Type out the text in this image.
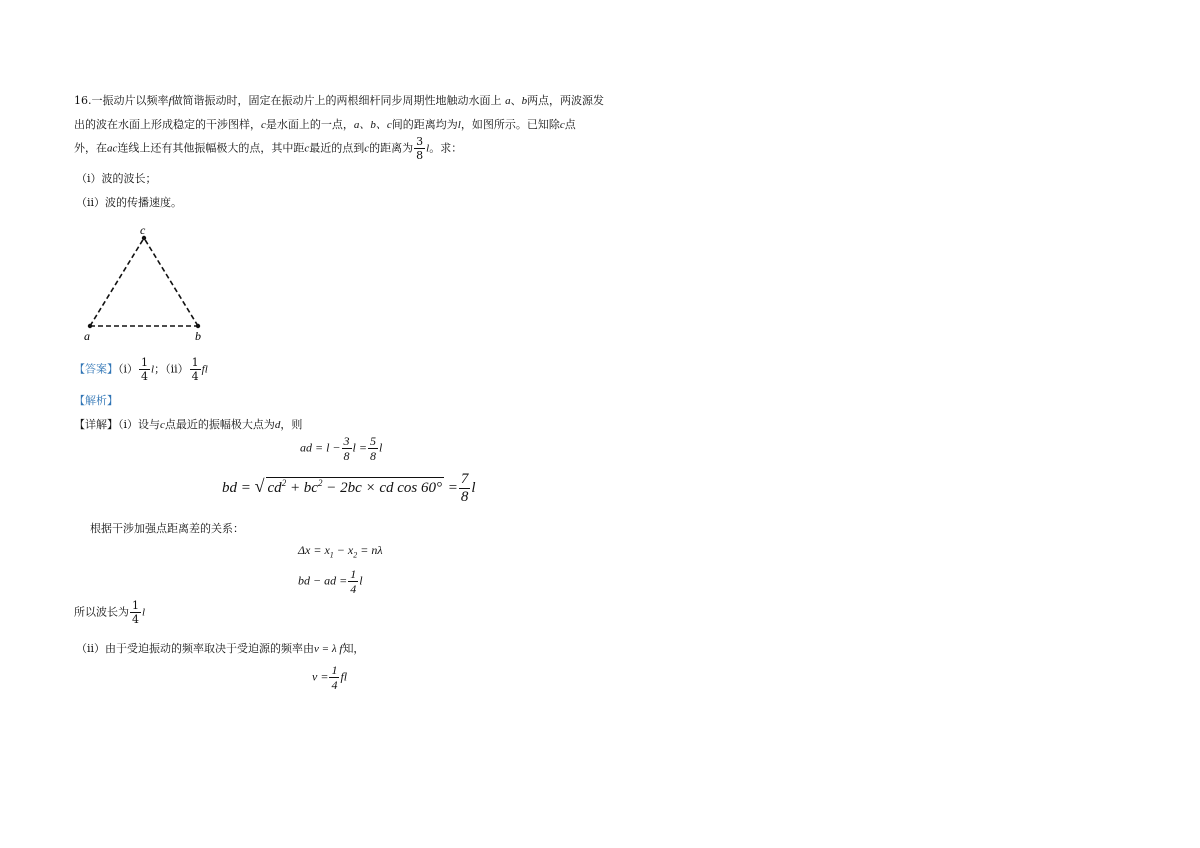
16.一振动片以频率f做简谐振动时，固定在振动片上的两根细杆同步周期性地触动水面上 a、b两点，两波源发
出的波在水面上形成稳定的干涉图样，c是水面上的一点，a、b、c间的距离均为l，如图所示。已知除c点
外，在ac连线上还有其他振幅极大的点，其中距c最近的点到c的距离为 $\frac{3}{8}$ l。求：
（i）波的波长；
（ii）波的传播速度。
c
a	b
【答案】$(i) \frac{1}{4}$ l；$(ii) \frac{1}{4}$ fl
【解析】
【详解】（i）设与c点最近的振幅极大点为d，则
ad = $l - \frac{3}{8}$ $l = \frac{5}{8}$ l
bd = √ $cd^2 + bc^2 - 2bc$ × cd $\cos 60^\circ = \frac{7}{8}$ l
根据干涉加强点距离差的关系：
$\Delta x = x_1 - x_2 = n\lambda$
bd − ad = $\frac{1}{4}$ l
所以波长为 $\frac{1}{4}$ l
（ii）由于受迫振动的频率取决于受迫源的频率由v = λ f知，
$v = \frac{1}{4}$ fl
